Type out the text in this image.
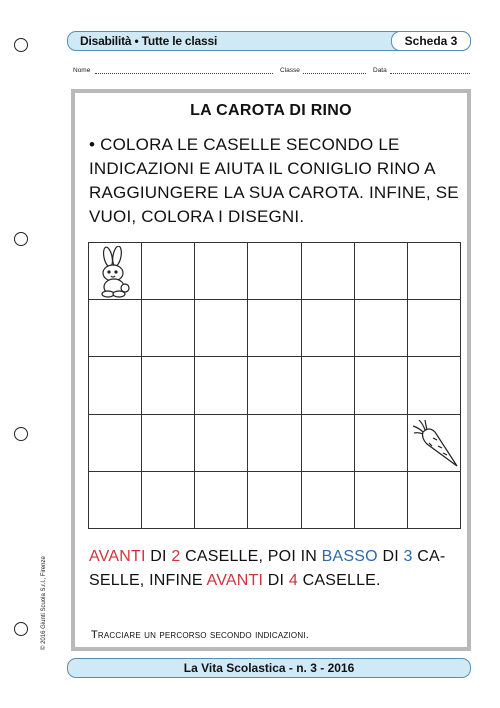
Disabilità • Tutte le classi	Scheda 3
Nome	Classe	Data
LA CAROTA DI RINO
• COLORA LE CASELLE SECONDO LE INDICAZIONI E AIUTA IL CONIGLIO RINO A RAGGIUNGERE LA SUA CAROTA. INFINE, SE VUOI, COLORA I DISEGNI.
AVANTI DI 2 CASELLE, POI IN BASSO DI 3 CA-
SELLE, INFINE AVANTI DI 4 CASELLE.
Tracciare un percorso secondo indicazioni.
© 2016 Giunti Scuola S.r.l., Firenze
La Vita Scolastica - n. 3 - 2016
